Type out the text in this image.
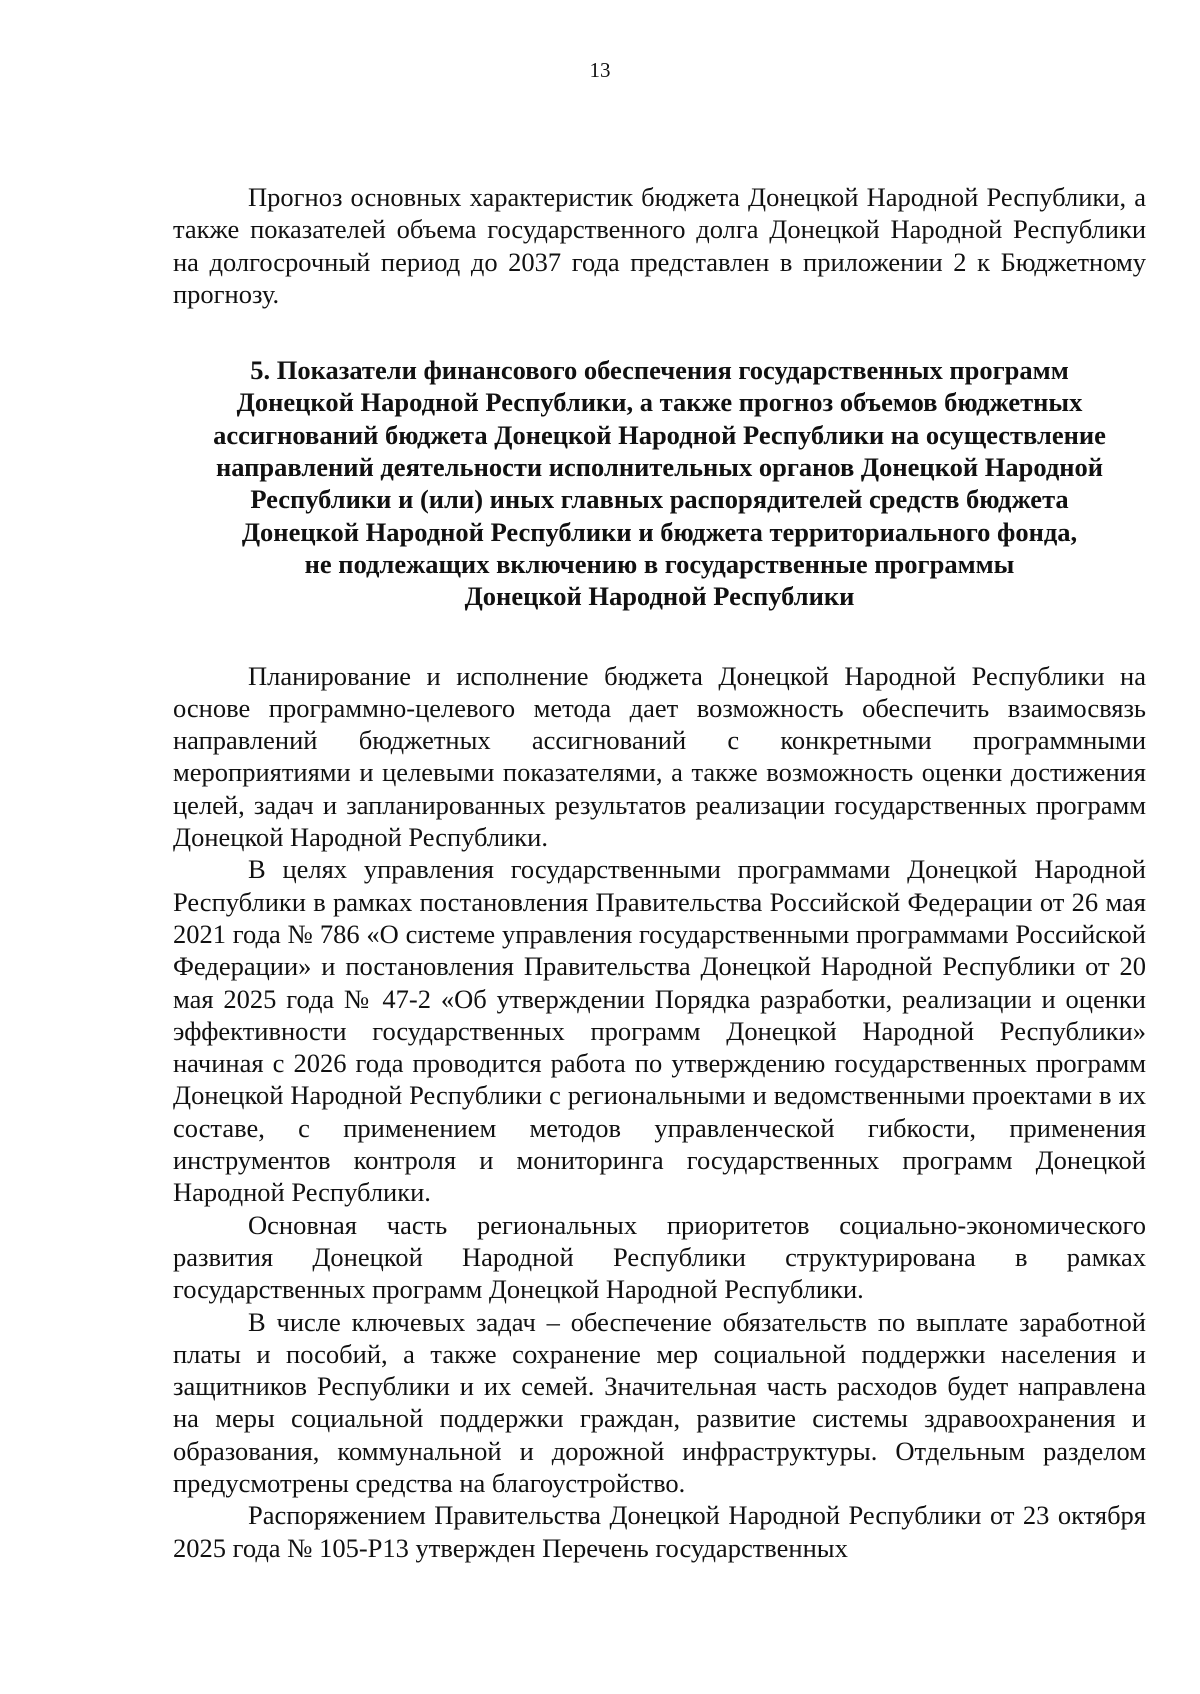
13

Прогноз основных характеристик бюджета Донецкой Народной Республики, а также показателей объема государственного долга Донецкой Народной Республики на долгосрочный период до 2037 года представлен в приложении 2 к Бюджетному прогнозу.

5. Показатели финансового обеспечения государственных программ
Донецкой Народной Республики, а также прогноз объемов бюджетных
ассигнований бюджета Донецкой Народной Республики на осуществление
направлений деятельности исполнительных органов Донецкой Народной
Республики и (или) иных главных распорядителей средств бюджета
Донецкой Народной Республики и бюджета территориального фонда,
не подлежащих включению в государственные программы
Донецкой Народной Республики

Планирование и исполнение бюджета Донецкой Народной Республики на основе программно-целевого метода дает возможность обеспечить взаимосвязь направлений бюджетных ассигнований с конкретными программными мероприятиями и целевыми показателями, а также возможность оценки достижения целей, задач и запланированных результатов реализации государственных программ Донецкой Народной Республики.

В целях управления государственными программами Донецкой Народной Республики в рамках постановления Правительства Российской Федерации от 26 мая 2021 года № 786 «О системе управления государственными программами Российской Федерации» и постановления Правительства Донецкой Народной Республики от 20 мая 2025 года № 47-2 «Об утверждении Порядка разработки, реализации и оценки эффективности государственных программ Донецкой Народной Республики» начиная с 2026 года проводится работа по утверждению государственных программ Донецкой Народной Республики с региональными и ведомственными проектами в их составе, с применением методов управленческой гибкости, применения инструментов контроля и мониторинга государственных программ Донецкой Народной Республики.

Основная часть региональных приоритетов социально-экономического развития Донецкой Народной Республики структурирована в рамках государственных программ Донецкой Народной Республики.

В числе ключевых задач – обеспечение обязательств по выплате заработной платы и пособий, а также сохранение мер социальной поддержки населения и защитников Республики и их семей. Значительная часть расходов будет направлена на меры социальной поддержки граждан, развитие системы здравоохранения и образования, коммунальной и дорожной инфраструктуры. Отдельным разделом предусмотрены средства на благоустройство.

Распоряжением Правительства Донецкой Народной Республики от 23 октября 2025 года № 105-Р13 утвержден Перечень государственных
